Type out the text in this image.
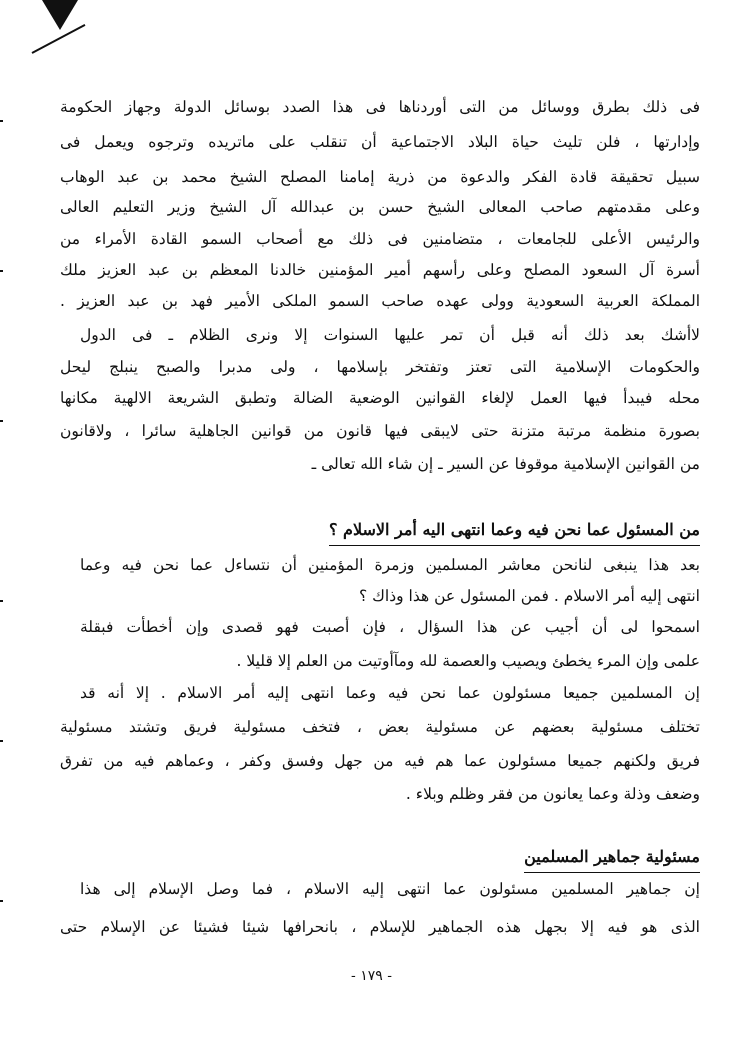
فى ذلك بطرق ووسائل من التى أوردناها فى هذا الصدد بوسائل الدولة وجهاز الحكومة
وإدارتها ، فلن تليث حياة البلاد الاجتماعية أن تنقلب على ماتريده وترجوه ويعمل فى
سبيل تحقيقة قادة الفكر والدعوة من ذرية إمامنا المصلح الشيخ محمد بن عبد الوهاب
وعلى مقدمتهم صاحب المعالى الشيخ حسن بن عبدالله آل الشيخ وزير التعليم العالى
والرئيس الأعلى للجامعات ، متضامنين فى ذلك مع أصحاب السمو القادة الأمراء من
أسرة آل السعود المصلح وعلى رأسهم أمير المؤمنين خالدنا المعظم بن عبد العزيز ملك
المملكة العربية السعودية وولى عهده صاحب السمو الملكى الأمير فهد بن عبد العزيز .
لاأشك بعد ذلك أنه قبل أن تمر عليها السنوات إلا ونرى الظلام ـ فى الدول
والحكومات الإسلامية التى تعتز وتفتخر بإسلامها ، ولى مدبرا والصبح ينبلج ليحل
محله فيبدأ فيها العمل لإلغاء القوانين الوضعية الضالة وتطبق الشريعة الالهية مكانها
بصورة منظمة مرتبة متزنة حتى لايبقى فيها قانون من قوانين الجاهلية سائرا ، ولاقانون
من القوانين الإسلامية موقوفا عن السير ـ إن شاء الله تعالى ـ
من المسئول عما نحن فيه وعما انتهى اليه أمر الاسلام ؟
بعد هذا ينبغى لنانحن معاشر المسلمين وزمرة المؤمنين أن نتساءل عما نحن فيه وعما
انتهى إليه أمر الاسلام . فمن المسئول عن هذا وذاك ؟
اسمحوا لى أن أجيب عن هذا السؤال ، فإن أصبت فهو قصدى وإن أخطأت فبقلة
علمى وإن المرء يخطئ ويصيب والعصمة لله ومآأوتيت من العلم إلا قليلا .
إن المسلمين جميعا مسئولون عما نحن فيه وعما انتهى إليه أمر الاسلام . إلا أنه قد
تختلف مسئولية بعضهم عن مسئولية بعض ، فتخف مسئولية فريق وتشتد مسئولية
فريق ولكنهم جميعا مسئولون عما هم فيه من جهل وفسق وكفر ، وعماهم فيه من تفرق
وضعف وذلة وعما يعانون من فقر وظلم وبلاء .
مسئولية جماهير المسلمين
إن جماهير المسلمين مسئولون عما انتهى إليه الاسلام ، فما وصل الإسلام إلى هذا
الذى هو فيه إلا بجهل هذه الجماهير للإسلام ، بانحرافها شيئا فشيئا عن الإسلام حتى
- ١٧٩ -
